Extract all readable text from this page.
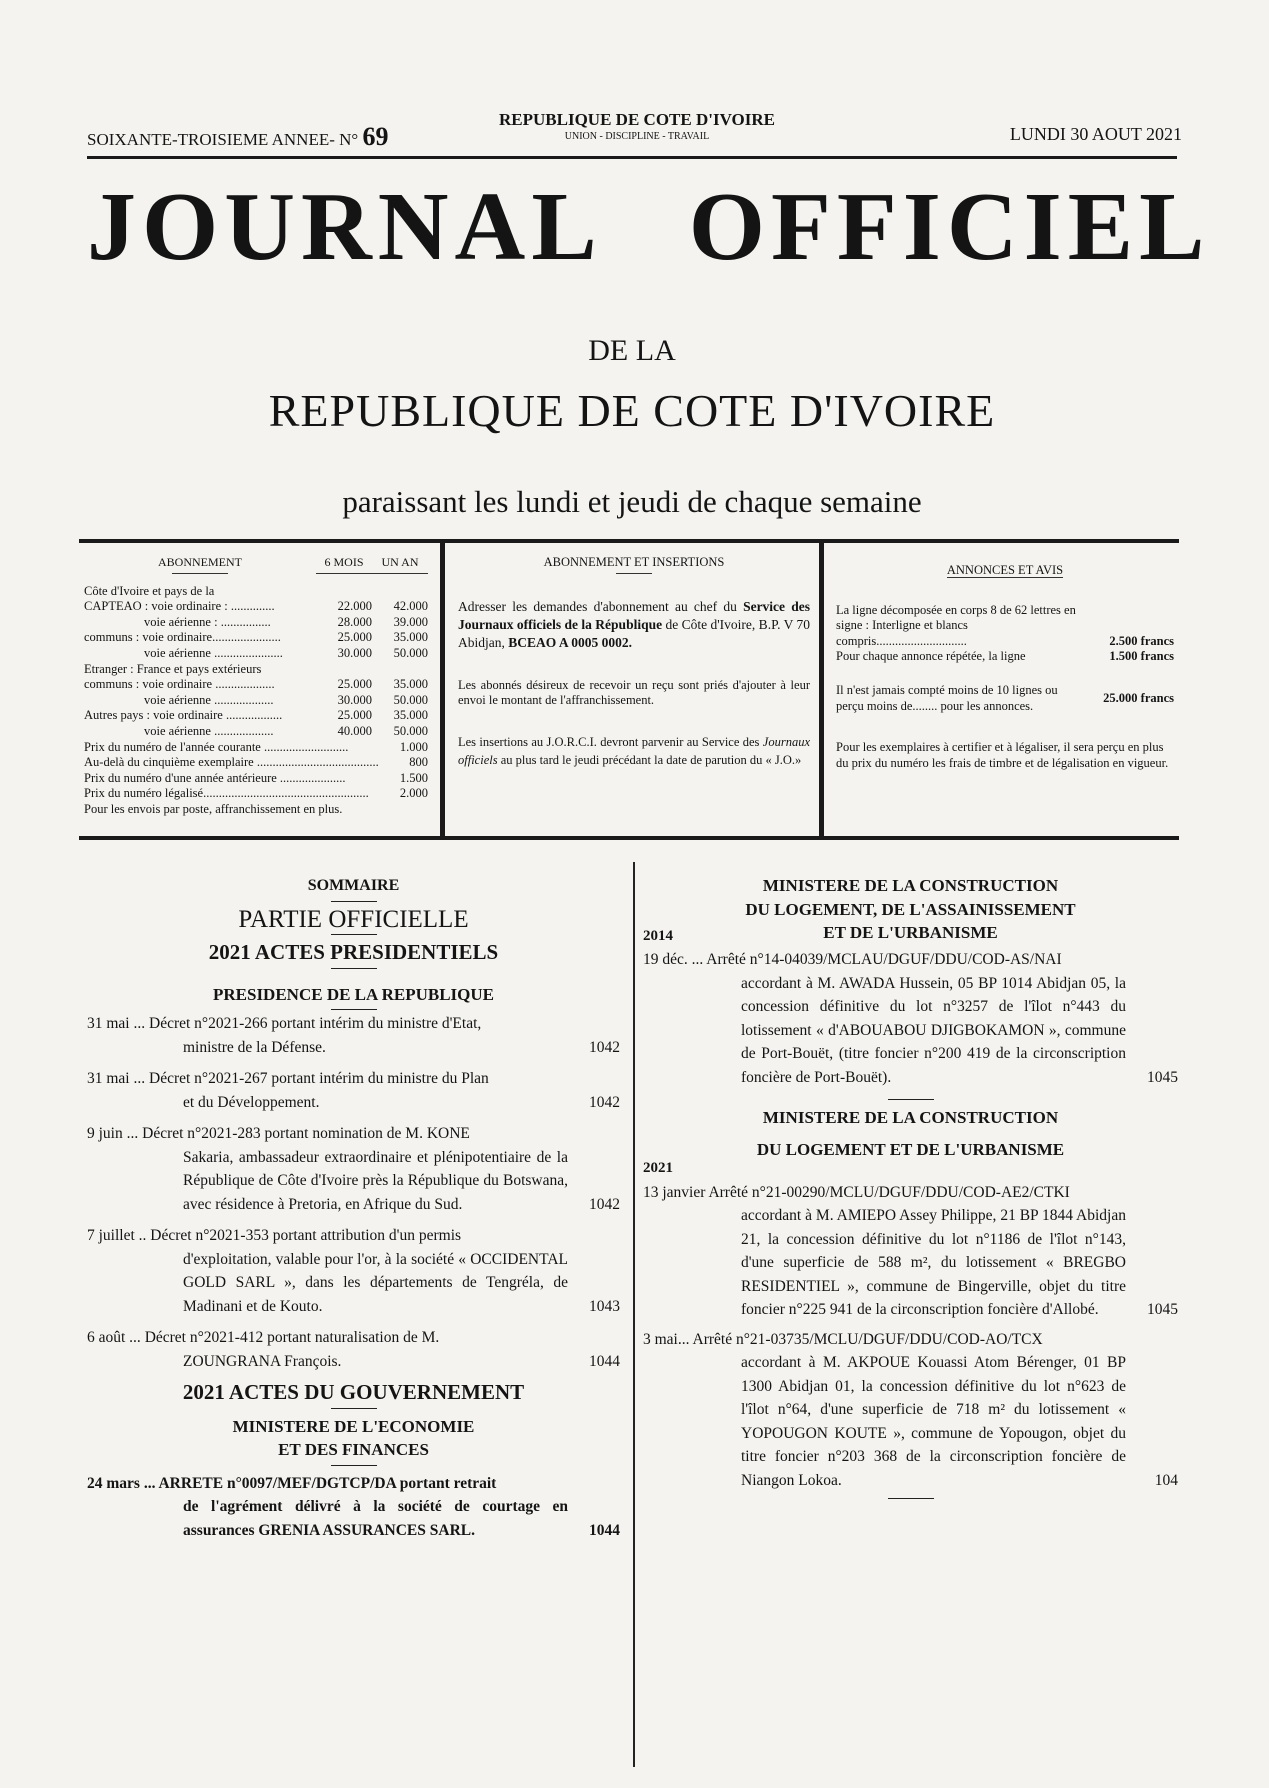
SOIXANTE-TROISIEME ANNEE- N° 69
REPUBLIQUE DE COTE D'IVOIRE
UNION - DISCIPLINE - TRAVAIL	LUNDI 30 AOUT 2021
JOURNAL   OFFICIEL
DE LA
REPUBLIQUE DE COTE D'IVOIRE
paraissant les lundi et jeudi de chaque semaine
ABONNEMENT	6 MOIS	UN AN
Côte d'Ivoire et pays de la
CAPTEAO : voie ordinaire : ..............	22.000	42.000
voie aérienne : ................	28.000	39.000
communs : voie ordinaire......................	25.000	35.000
voie aérienne ......................	30.000	50.000
Etranger : France et pays extérieurs
communs : voie ordinaire ...................	25.000	35.000
voie aérienne ...................	30.000	50.000
Autres pays : voie ordinaire ..................	25.000	35.000
voie aérienne ...................	40.000	50.000
Prix du numéro de l'année courante ...........................	1.000
Au-delà du cinquième exemplaire .......................................	800
Prix du numéro d'une année antérieure .....................	1.500
Prix du numéro légalisé.....................................................	2.000
Pour les envois par poste, affranchissement en plus.
ABONNEMENT ET INSERTIONS

Adresser les demandes d'abonnement au chef du Service des Journaux officiels de la République de Côte d'Ivoire, B.P. V 70 Abidjan, BCEAO A 0005 0002.

Les abonnés désireux de recevoir un reçu sont priés d'ajouter à leur envoi le montant de l'affranchissement.

Les insertions au J.O.R.C.I. devront parvenir au Service des Journaux officiels au plus tard le jeudi précédant la date de parution du « J.O.»

ANNONCES ET AVIS
La ligne décomposée en corps 8 de 62 lettres en signe : Interligne et blancs compris.............................	2.500 francs
Pour chaque annonce répétée, la ligne	1.500 francs
Il n'est jamais compté moins de 10 lignes ou perçu moins de........ pour les annonces.
25.000 francs

Pour les exemplaires à certifier et à légaliser, il sera perçu en plus du prix du numéro les frais de timbre et de légalisation en vigueur.

SOMMAIRE
PARTIE OFFICIELLE
2021 ACTES PRESIDENTIELS
PRESIDENCE DE LA REPUBLIQUE
31 mai ... Décret n°2021-266 portant intérim du ministre d'Etat,
ministre de la Défense.	1042
31 mai ... Décret n°2021-267 portant intérim du ministre du Plan
et du Développement.	1042
9 juin ... Décret n°2021-283 portant nomination de M. KONE
Sakaria, ambassadeur extraordinaire et plénipotentiaire de la République de Côte d'Ivoire près la République du Botswana, avec résidence à Pretoria, en Afrique du Sud.	1042
7 juillet .. Décret n°2021-353 portant attribution d'un permis
d'exploitation, valable pour l'or, à la société « OCCIDENTAL GOLD SARL », dans les départements de Tengréla, de Madinani et de Kouto.	1043
6 août ... Décret n°2021-412 portant naturalisation de M.
ZOUNGRANA François.	1044
2021 ACTES DU GOUVERNEMENT
MINISTERE DE L'ECONOMIE
ET DES FINANCES
24 mars ... ARRETE n°0097/MEF/DGTCP/DA portant retrait
de l'agrément délivré à la société de courtage en assurances GRENIA ASSURANCES SARL.	1044
MINISTERE DE LA CONSTRUCTION
DU LOGEMENT, DE L'ASSAINISSEMENT
ET DE L'URBANISME
2014
19 déc. ... Arrêté n°14-04039/MCLAU/DGUF/DDU/COD-AS/NAI
accordant à M. AWADA Hussein, 05 BP 1014 Abidjan 05, la concession définitive du lot n°3257 de l'îlot n°443 du lotissement « d'ABOUABOU DJIGBOKAMON », commune de Port-Bouët, (titre foncier n°200 419 de la circonscription foncière de Port-Bouët).	1045
MINISTERE DE LA CONSTRUCTION
DU LOGEMENT ET DE L'URBANISME
2021
13 janvier Arrêté n°21-00290/MCLU/DGUF/DDU/COD-AE2/CTKI
accordant à M. AMIEPO Assey Philippe, 21 BP 1844 Abidjan 21, la concession définitive du lot n°1186 de l'îlot n°143, d'une superficie de 588 m², du lotissement « BREGBO RESIDENTIEL », commune de Bingerville, objet du titre foncier n°225 941 de la circonscription foncière d'Allobé.	1045
3 mai... Arrêté n°21-03735/MCLU/DGUF/DDU/COD-AO/TCX
accordant à M. AKPOUE Kouassi Atom Bérenger, 01 BP 1300 Abidjan 01, la concession définitive du lot n°623 de l'îlot n°64, d'une superficie de 718 m² du lotissement « YOPOUGON KOUTE », commune de Yopougon, objet du titre foncier n°203 368 de la circonscription foncière de Niangon Lokoa.	104
